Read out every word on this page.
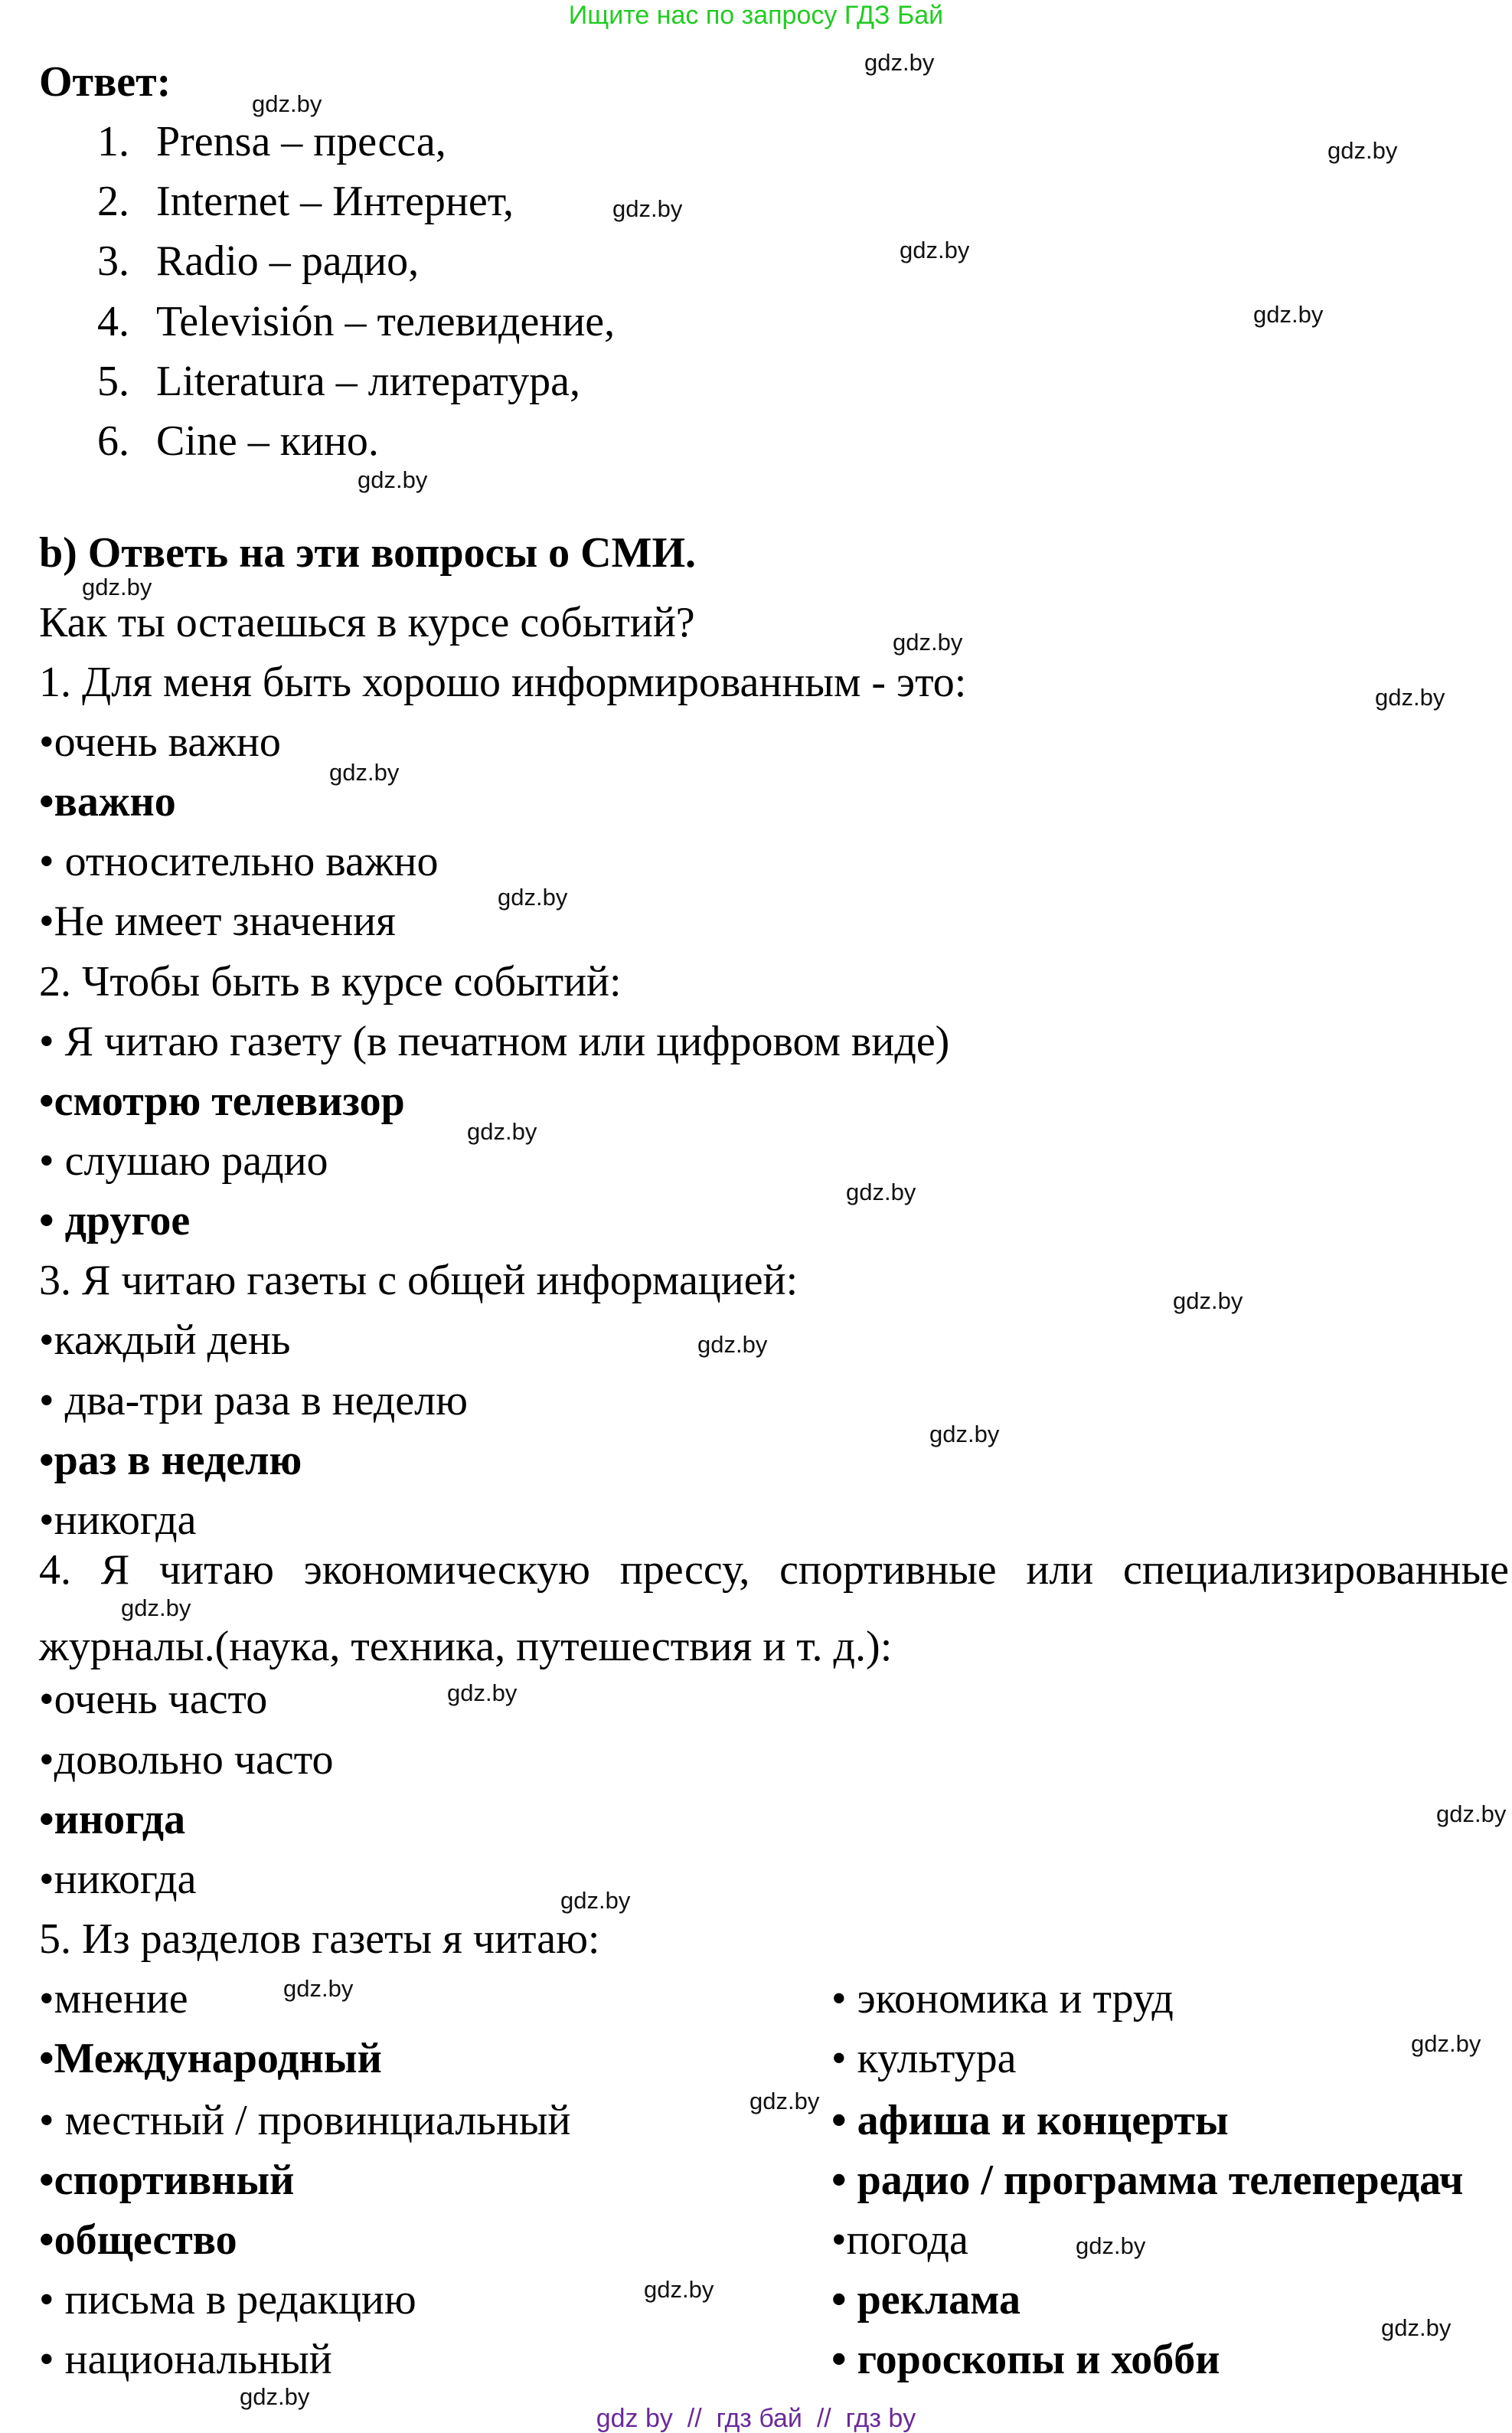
Ищите нас по запросу ГДЗ Бай
Ответ:
1. Prensa – пресса,
2. Internet – Интернет,
3. Radio – радио,
4. Televisión – телевидение,
5. Literatura – литература,
6. Cine – кино.
b) Ответь на эти вопросы о СМИ.
Как ты остаешься в курсе событий?
1. Для меня быть хорошо информированным - это:
•очень важно
•важно
• относительно важно
•Не имеет значения
2. Чтобы быть в курсе событий:
• Я читаю газету (в печатном или цифровом виде)
•смотрю телевизор
• слушаю радио
• другое
3. Я читаю газеты с общей информацией:
•каждый день
• два-три раза в неделю
•раз в неделю
•никогда
4. Я читаю экономическую прессу, спортивные или специализированные
журналы.(наука, техника, путешествия и т. д.):
•очень часто
•довольно часто
•иногда
•никогда
5. Из разделов газеты я читаю:
•мнение
•Международный
• местный / провинциальный
•спортивный
•общество
• письма в редакцию
• национальный
• экономика и труд
• культура
• афиша и концерты
• радио / программа телепередач
•погода
• реклама
• гороскопы и хобби
gdz.by
gdz.by
gdz.by
gdz.by
gdz.by
gdz.by
gdz.by
gdz.by
gdz.by
gdz.by
gdz.by
gdz.by
gdz.by
gdz.by
gdz.by
gdz.by
gdz.by
gdz.by
gdz.by
gdz.by
gdz.by
gdz.by
gdz.by
gdz.by
gdz.by
gdz.by
gdz.by
gdz.by
gdz by  //  гдз бай  //  гдз by
